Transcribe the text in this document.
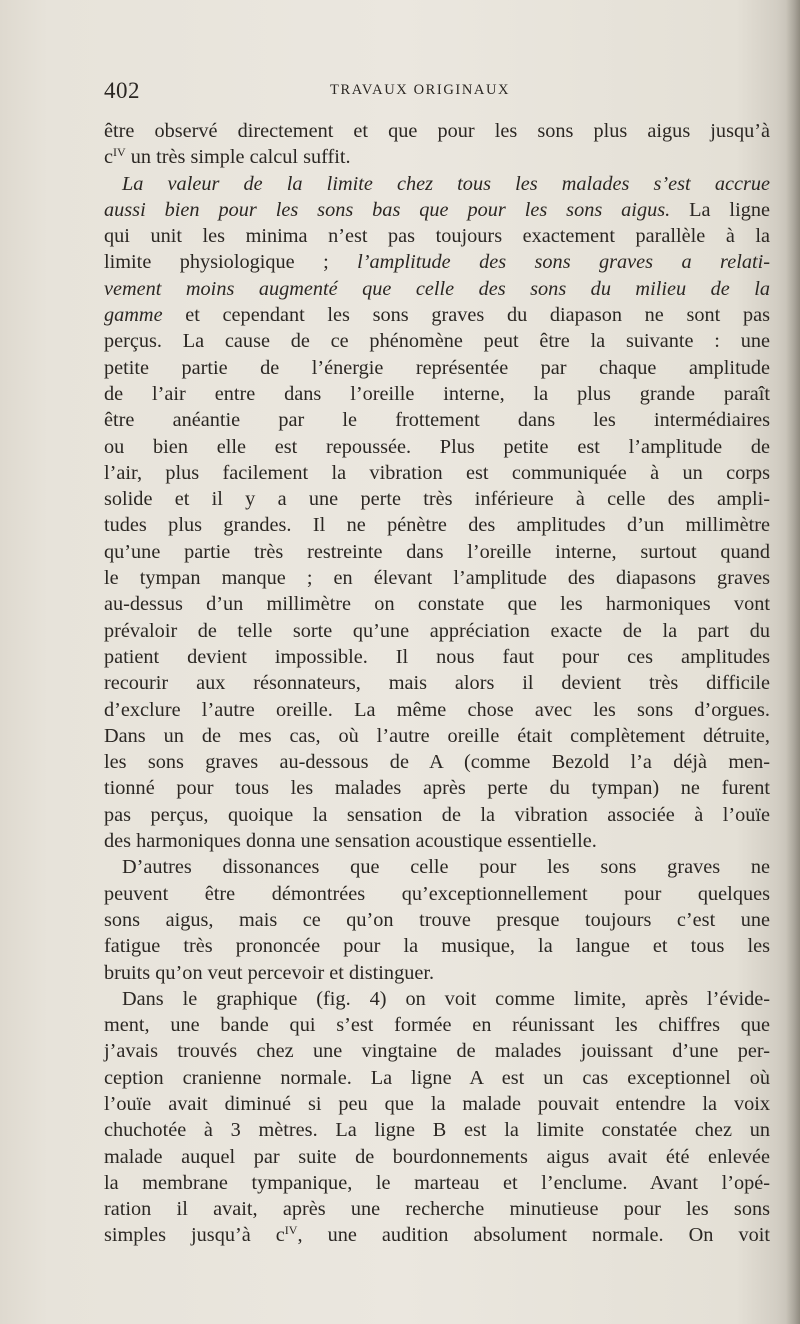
402	TRAVAUX ORIGINAUX
être observé directement et que pour les sons plus aigus jusqu’à
$c^{IV}$ un très simple calcul suffit.
La valeur de la limite chez tous les malades s’est accrue
aussi bien pour les sons bas que pour les sons aigus. La ligne
qui unit les minima n’est pas toujours exactement parallèle à la
limite physiologique ; l’amplitude des sons graves a relati-
vement moins augmenté que celle des sons du milieu de la
gamme et cependant les sons graves du diapason ne sont pas
perçus. La cause de ce phénomène peut être la suivante : une
petite partie de l’énergie représentée par chaque amplitude
de l’air entre dans l’oreille interne, la plus grande paraît
être anéantie par le frottement dans les intermédiaires
ou bien elle est repoussée. Plus petite est l’amplitude de
l’air, plus facilement la vibration est communiquée à un corps
solide et il y a une perte très inférieure à celle des ampli-
tudes plus grandes. Il ne pénètre des amplitudes d’un millimètre
qu’une partie très restreinte dans l’oreille interne, surtout quand
le tympan manque ; en élevant l’amplitude des diapasons graves
au-dessus d’un millimètre on constate que les harmoniques vont
prévaloir de telle sorte qu’une appréciation exacte de la part du
patient devient impossible. Il nous faut pour ces amplitudes
recourir aux résonnateurs, mais alors il devient très difficile
d’exclure l’autre oreille. La même chose avec les sons d’orgues.
Dans un de mes cas, où l’autre oreille était complètement détruite,
les sons graves au-dessous de A (comme Bezold l’a déjà men-
tionné pour tous les malades après perte du tympan) ne furent
pas perçus, quoique la sensation de la vibration associée à l’ouïe
des harmoniques donna une sensation acoustique essentielle.
D’autres dissonances que celle pour les sons graves ne
peuvent être démontrées qu’exceptionnellement pour quelques
sons aigus, mais ce qu’on trouve presque toujours c’est une
fatigue très prononcée pour la musique, la langue et tous les
bruits qu’on veut percevoir et distinguer.
Dans le graphique (fig. 4) on voit comme limite, après l’évide-
ment, une bande qui s’est formée en réunissant les chiffres que
j’avais trouvés chez une vingtaine de malades jouissant d’une per-
ception cranienne normale. La ligne A est un cas exceptionnel où
l’ouïe avait diminué si peu que la malade pouvait entendre la voix
chuchotée à 3 mètres. La ligne B est la limite constatée chez un
malade auquel par suite de bourdonnements aigus avait été enlevée
la membrane tympanique, le marteau et l’enclume. Avant l’opé-
ration il avait, après une recherche minutieuse pour les sons
simples jusqu’à $c^{IV}$, une audition absolument normale. On voit
